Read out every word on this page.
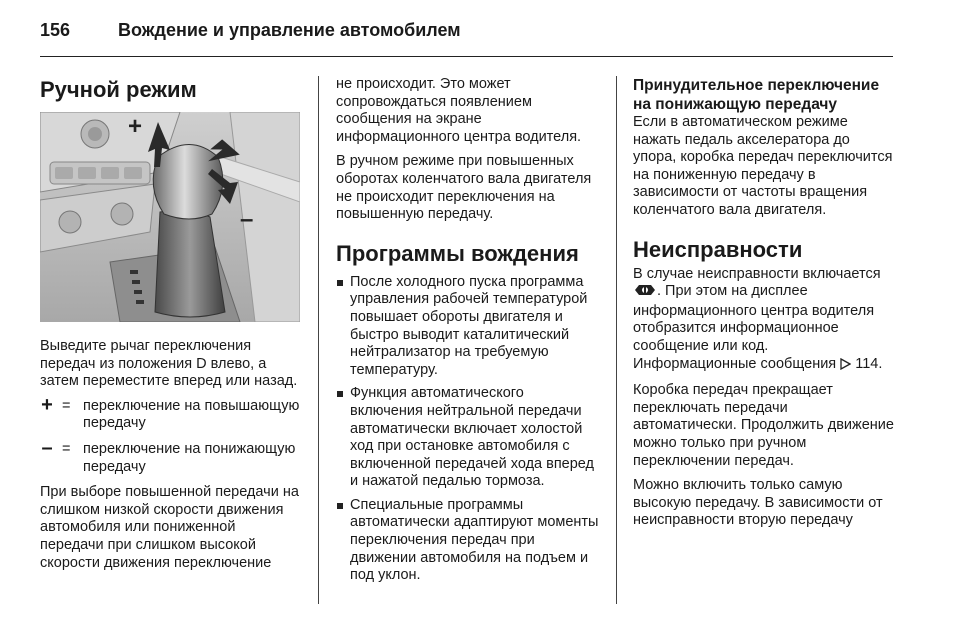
156	Вождение и управление автомобилем
Ручной режим
+
–

Выведите рычаг переключения передач из положения D влево, а затем переместите вперед или назад.

+ = переключение на повышающую передачу
– = переключение на понижающую передачу

При выборе повышенной передачи на слишком низкой скорости движения автомобиля или пониженной передачи при слишком высокой скорости движения переключение

не происходит. Это может сопровождаться появлением сообщения на экране информационного центра водителя.

В ручном режиме при повышенных оборотах коленчатого вала двигателя не происходит переключения на повышенную передачу.

Программы вождения
После холодного пуска программа управления рабочей температурой повышает обороты двигателя и быстро выводит каталитический нейтрализатор на требуемую температуру.
Функция автоматического включения нейтральной передачи автоматически включает холостой ход при остановке автомобиля с включенной передачей хода вперед и нажатой педалью тормоза.
Специальные программы автоматически адаптируют моменты переключения передач при движении автомобиля на подъем и под уклон.
Принудительное переключение на понижающую передачу

Если в автоматическом режиме нажать педаль акселератора до упора, коробка передач переключится на пониженную передачу в зависимости от частоты вращения коленчатого вала двигателя.

Неисправности

В случае неисправности включается . При этом на дисплее информационного центра водителя отобразится информационное сообщение или код. Информационные сообщения 114.

Коробка передач прекращает переключать передачи автоматически. Продолжить движение можно только при ручном переключении передач.

Можно включить только самую высокую передачу. В зависимости от неисправности вторую передачу
